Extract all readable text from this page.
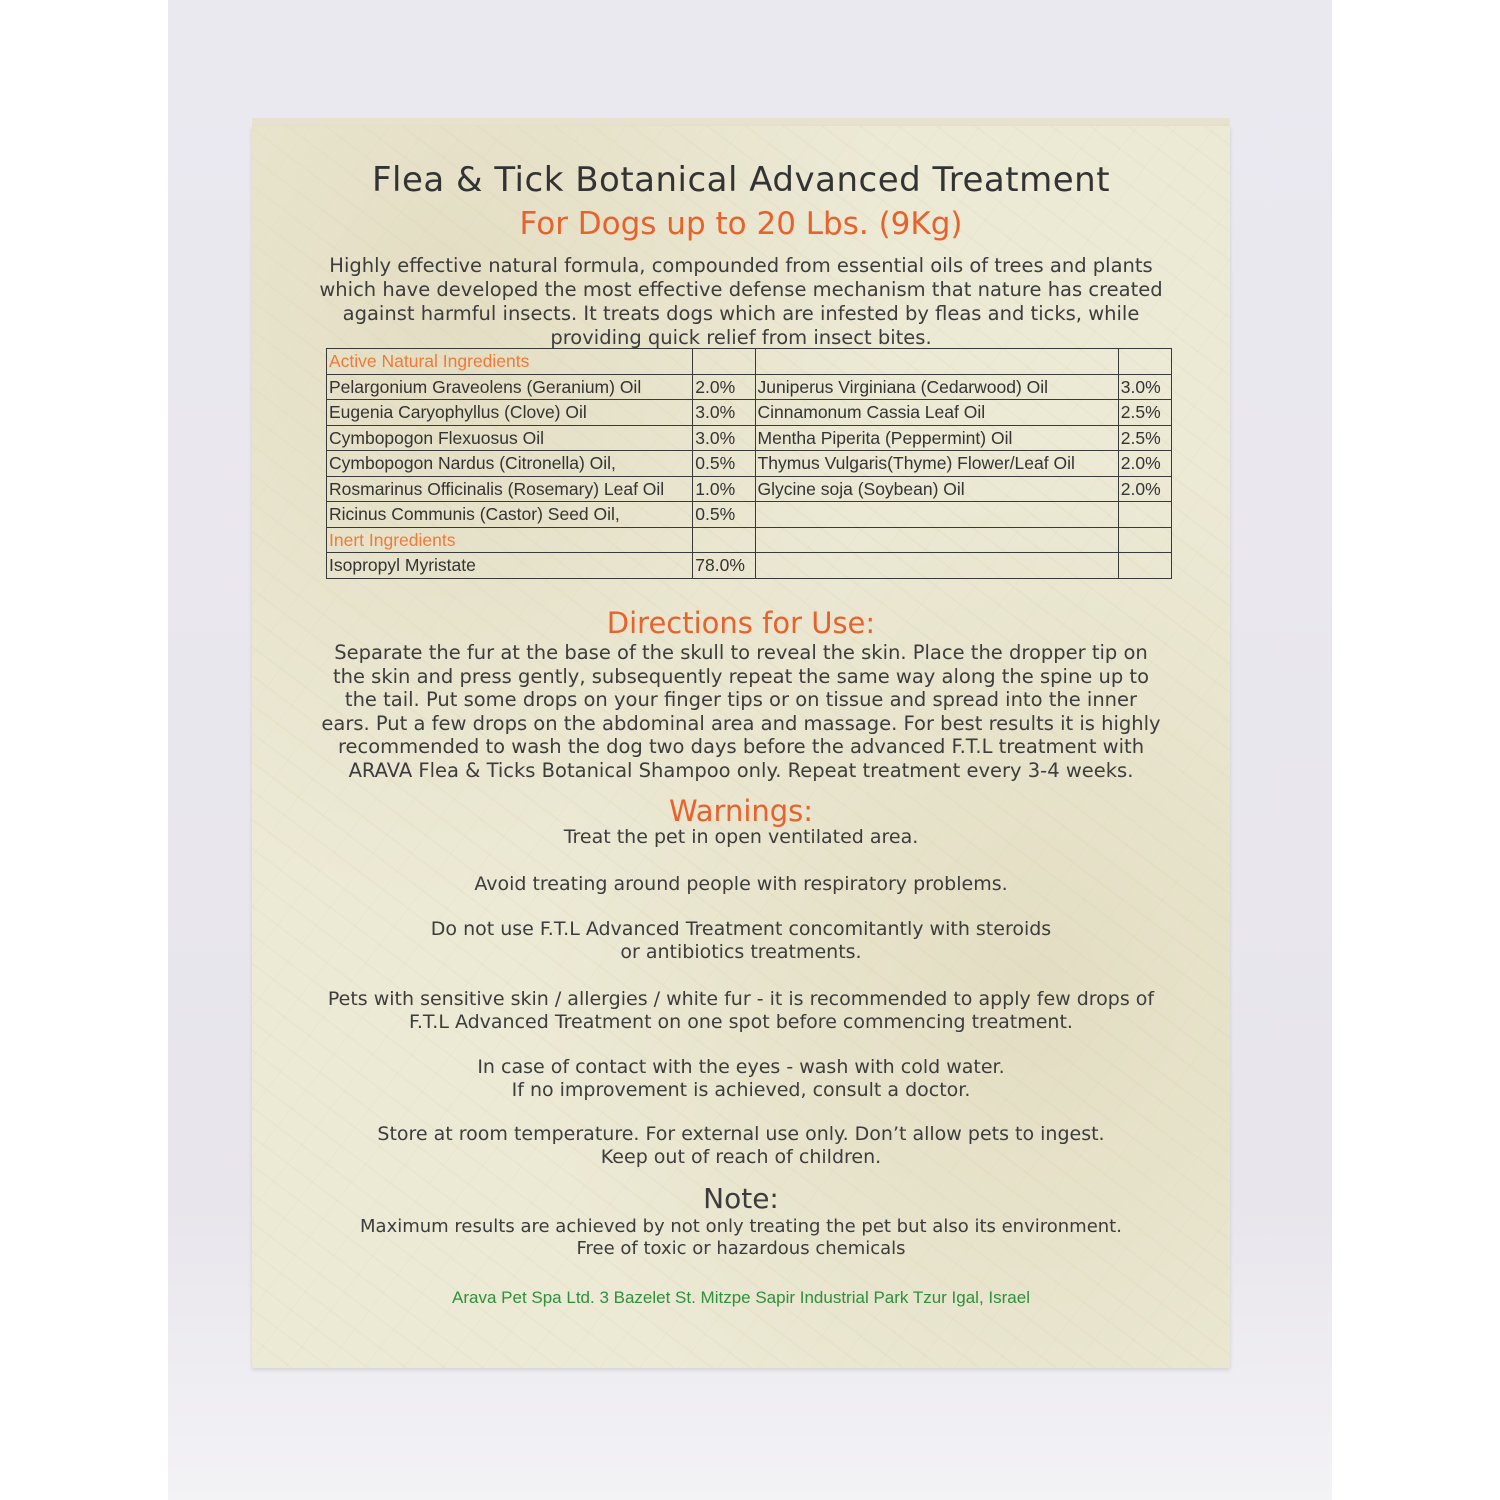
Flea & Tick Botanical Advanced Treatment
For Dogs up to 20 Lbs. (9Kg)
Highly effective natural formula, compounded from essential oils of trees and plants
which have developed the most effective defense mechanism that nature has created
against harmful insects. It treats dogs which are infested by fleas and ticks, while
providing quick relief from insect bites.
Active Natural Ingredients			
Pelargonium Graveolens (Geranium) Oil	2.0%	Juniperus Virginiana (Cedarwood) Oil	3.0%
Eugenia Caryophyllus (Clove) Oil	3.0%	Cinnamonum Cassia Leaf Oil	2.5%
Cymbopogon Flexuosus Oil	3.0%	Mentha Piperita (Peppermint) Oil	2.5%
Cymbopogon Nardus (Citronella) Oil,	0.5%	Thymus Vulgaris(Thyme) Flower/Leaf Oil	2.0%
Rosmarinus Officinalis (Rosemary) Leaf Oil	1.0%	Glycine soja (Soybean) Oil	2.0%
Ricinus Communis (Castor) Seed Oil,	0.5%		
Inert Ingredients			
Isopropyl Myristate	78.0%		
Directions for Use:
Separate the fur at the base of the skull to reveal the skin. Place the dropper tip on
the skin and press gently, subsequently repeat the same way along the spine up to
the tail. Put some drops on your finger tips or on tissue and spread into the inner
ears. Put a few drops on the abdominal area and massage. For best results it is highly
recommended to wash the dog two days before the advanced F.T.L treatment with
ARAVA Flea & Ticks Botanical Shampoo only. Repeat treatment every 3-4 weeks.
Warnings:
Treat the pet in open ventilated area.
Avoid treating around people with respiratory problems.
Do not use F.T.L Advanced Treatment concomitantly with steroids
or antibiotics treatments.
Pets with sensitive skin / allergies / white fur - it is recommended to apply few drops of
F.T.L Advanced Treatment on one spot before commencing treatment.
In case of contact with the eyes - wash with cold water.
If no improvement is achieved, consult a doctor.
Store at room temperature. For external use only. Don’t allow pets to ingest.
Keep out of reach of children.
Note:
Maximum results are achieved by not only treating the pet but also its environment.
Free of toxic or hazardous chemicals
Arava Pet Spa Ltd. 3 Bazelet St. Mitzpe Sapir Industrial Park Tzur Igal, Israel
